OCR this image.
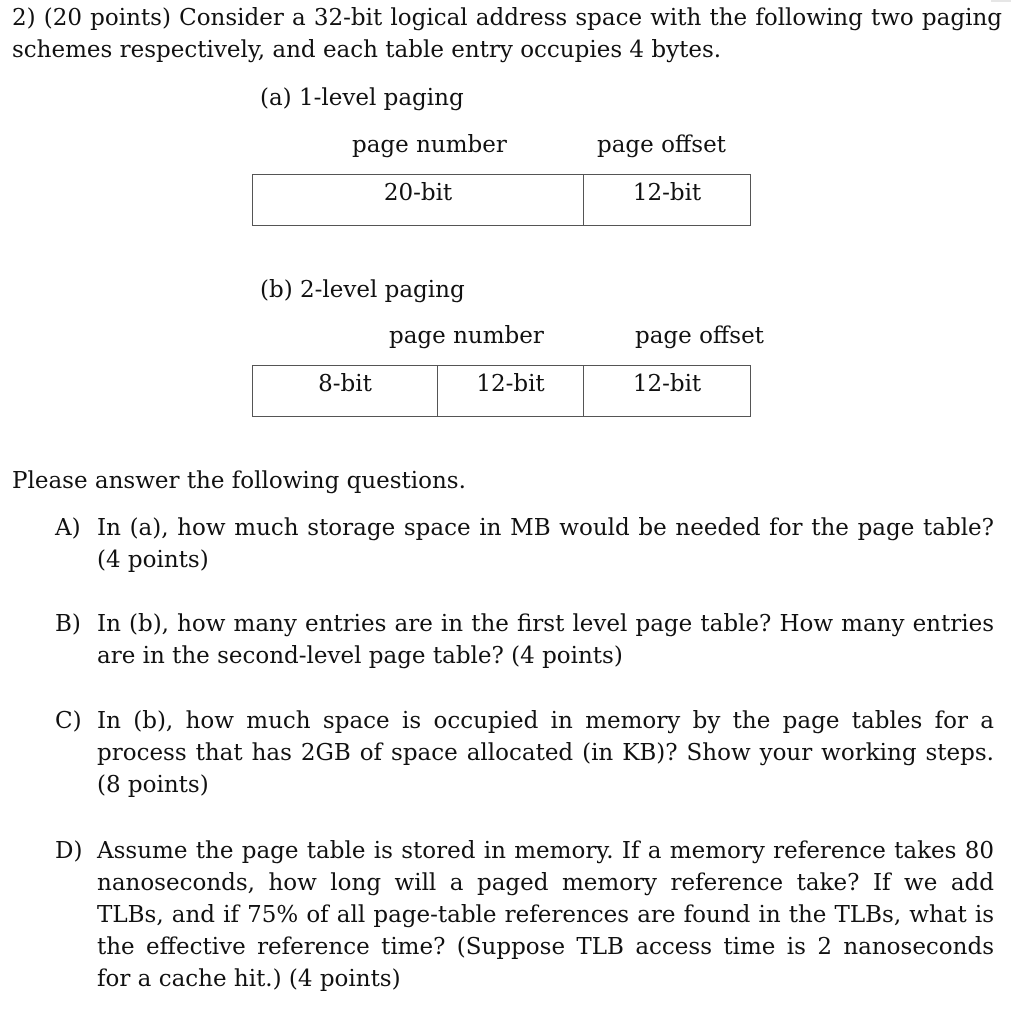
2) (20 points) Consider a 32-bit logical address space with the following two paging schemes respectively, and each table entry occupies 4 bytes.
(a) 1-level paging
page number	page offset
20-bit	12-bit
(b) 2-level paging
page number	page offset
8-bit	12-bit	12-bit
Please answer the following questions.
A) In (a), how much storage space in MB would be needed for the page table? (4 points)
B) In (b), how many entries are in the first level page table? How many entries are in the second-level page table? (4 points)
C) In (b), how much space is occupied in memory by the page tables for a process that has 2GB of space allocated (in KB)? Show your working steps. (8 points)
D) Assume the page table is stored in memory. If a memory reference takes 80 nanoseconds, how long will a paged memory reference take? If we add TLBs, and if 75% of all page-table references are found in the TLBs, what is the effective reference time? (Suppose TLB access time is 2 nanoseconds for a cache hit.) (4 points)
